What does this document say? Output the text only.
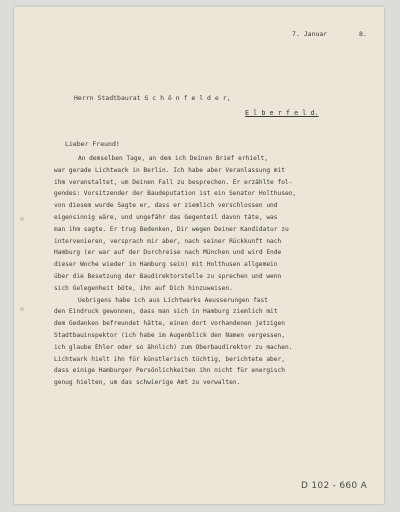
7. Januar	8.
Herrn Stadtbaurat S c h ö n f e l d e r,
E l b e r f e l d.
Lieber Freund!
An demselben Tage, an dem ich Deinen Brief erhielt,
war gerade Lichtwark in Berlin. Ich habe aber Veranlassung mit
ihm veranstaltet, um Deinen Fall zu besprechen. Er erzählte fol-
gendes: Vorsitzender der Baudeputation ist ein Senator Holthusen,
von diesem wurde Sagte er, dass er ziemlich verschlossen und
eigensinnig wäre, und ungefähr das Gegenteil davon täte, was
man ihm sagte. Er trug Bedenken, Dir wegen Deiner Kandidatur zu
intervenieren, versprach mir aber, nach seiner Rückkunft nach
Hamburg (er war auf der Durchreise nach München und wird Ende
dieser Woche wieder in Hamburg sein) mit Holthusen allgemein
über die Besetzung der Baudirektorstelle zu sprechen und wenn
sich Gelegenheit böte, ihn auf Dich hinzuweisen.
Uebrigens habe ich aus Lichtwarks Aeusserungen fast
den Eindruck gewonnen, dass man sich in Hamburg ziemlich mit
dem Gedanken befreundet hätte, einen dort vorhandenen jetzigen
Stadtbauinspektor (ich habe im Augenblick den Namen vergessen,
ich glaube Ehler oder so ähnlich) zum Oberbaudirektor zu machen.
Lichtwark hielt ihn für künstlerisch tüchtig, berichtete aber,
dass einige Hamburger Persönlichkeiten ihn nicht für energisch
genug hielten, um das schwierige Amt zu verwalten.
D 102 - 660 A
